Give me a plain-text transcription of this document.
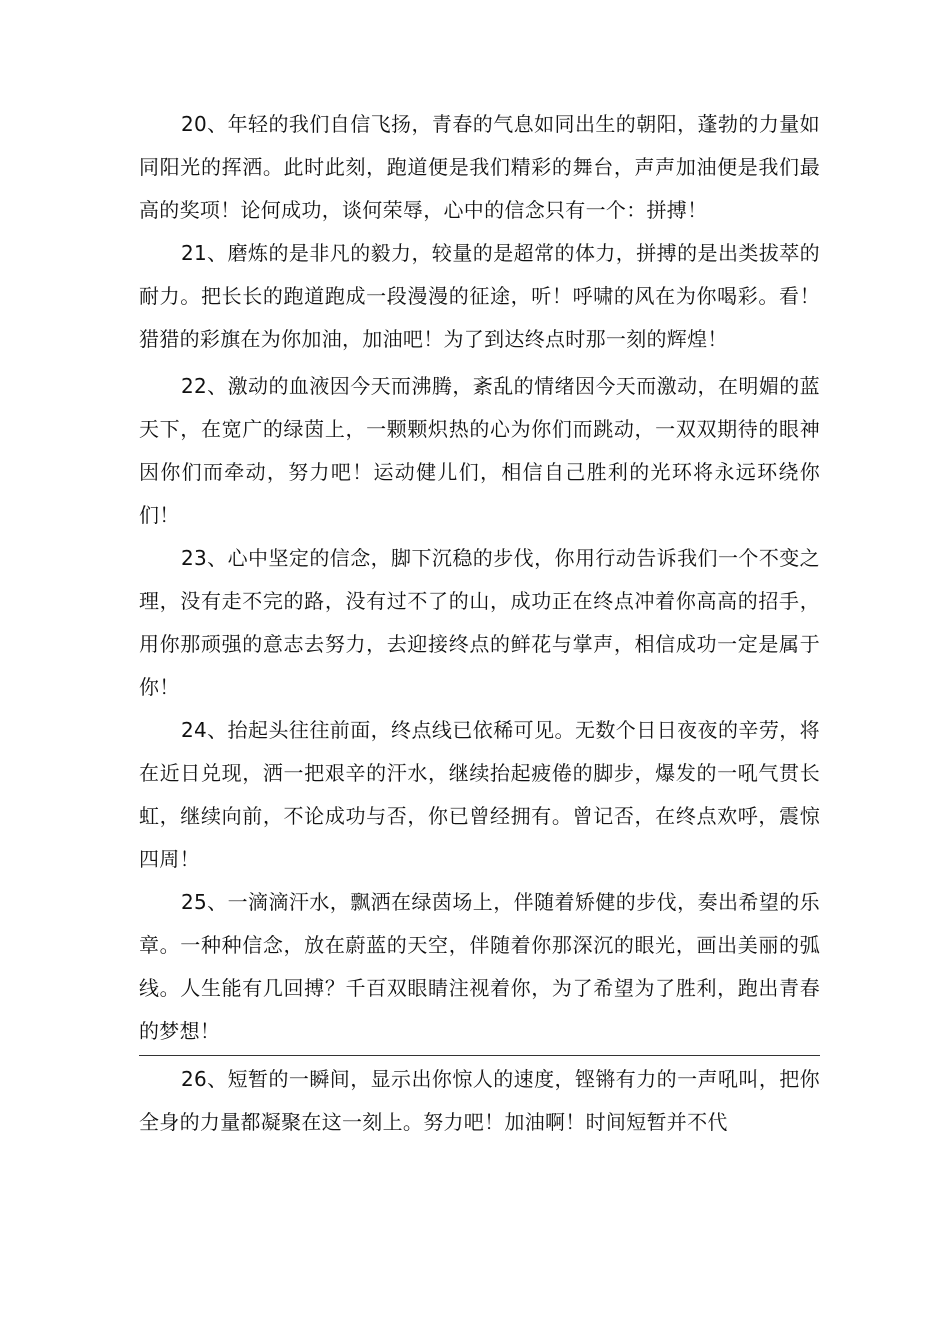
20、年轻的我们自信飞扬，青春的气息如同出生的朝阳，蓬勃的力量如同阳光的挥洒。此时此刻，跑道便是我们精彩的舞台，声声加油便是我们最高的奖项！论何成功，谈何荣辱，心中的信念只有一个：拼搏！

21、磨炼的是非凡的毅力，较量的是超常的体力，拼搏的是出类拔萃的耐力。把长长的跑道跑成一段漫漫的征途，听！呼啸的风在为你喝彩。看！猎猎的彩旗在为你加油，加油吧！为了到达终点时那一刻的辉煌！

22、激动的血液因今天而沸腾，紊乱的情绪因今天而激动，在明媚的蓝天下，在宽广的绿茵上，一颗颗炽热的心为你们而跳动，一双双期待的眼神因你们而牵动，努力吧！运动健儿们，相信自己胜利的光环将永远环绕你们！

23、心中坚定的信念，脚下沉稳的步伐，你用行动告诉我们一个不变之理，没有走不完的路，没有过不了的山，成功正在终点冲着你高高的招手，用你那顽强的意志去努力，去迎接终点的鲜花与掌声，相信成功一定是属于你！

24、抬起头往往前面，终点线已依稀可见。无数个日日夜夜的辛劳，将在近日兑现，洒一把艰辛的汗水，继续抬起疲倦的脚步，爆发的一吼气贯长虹，继续向前，不论成功与否，你已曾经拥有。曾记否，在终点欢呼，震惊四周！

25、一滴滴汗水，飘洒在绿茵场上，伴随着矫健的步伐，奏出希望的乐章。一种种信念，放在蔚蓝的天空，伴随着你那深沉的眼光，画出美丽的弧线。人生能有几回搏？千百双眼睛注视着你，为了希望为了胜利，跑出青春的梦想！

26、短暂的一瞬间，显示出你惊人的速度，铿锵有力的一声吼叫，把你全身的力量都凝聚在这一刻上。努力吧！加油啊！时间短暂并不代
